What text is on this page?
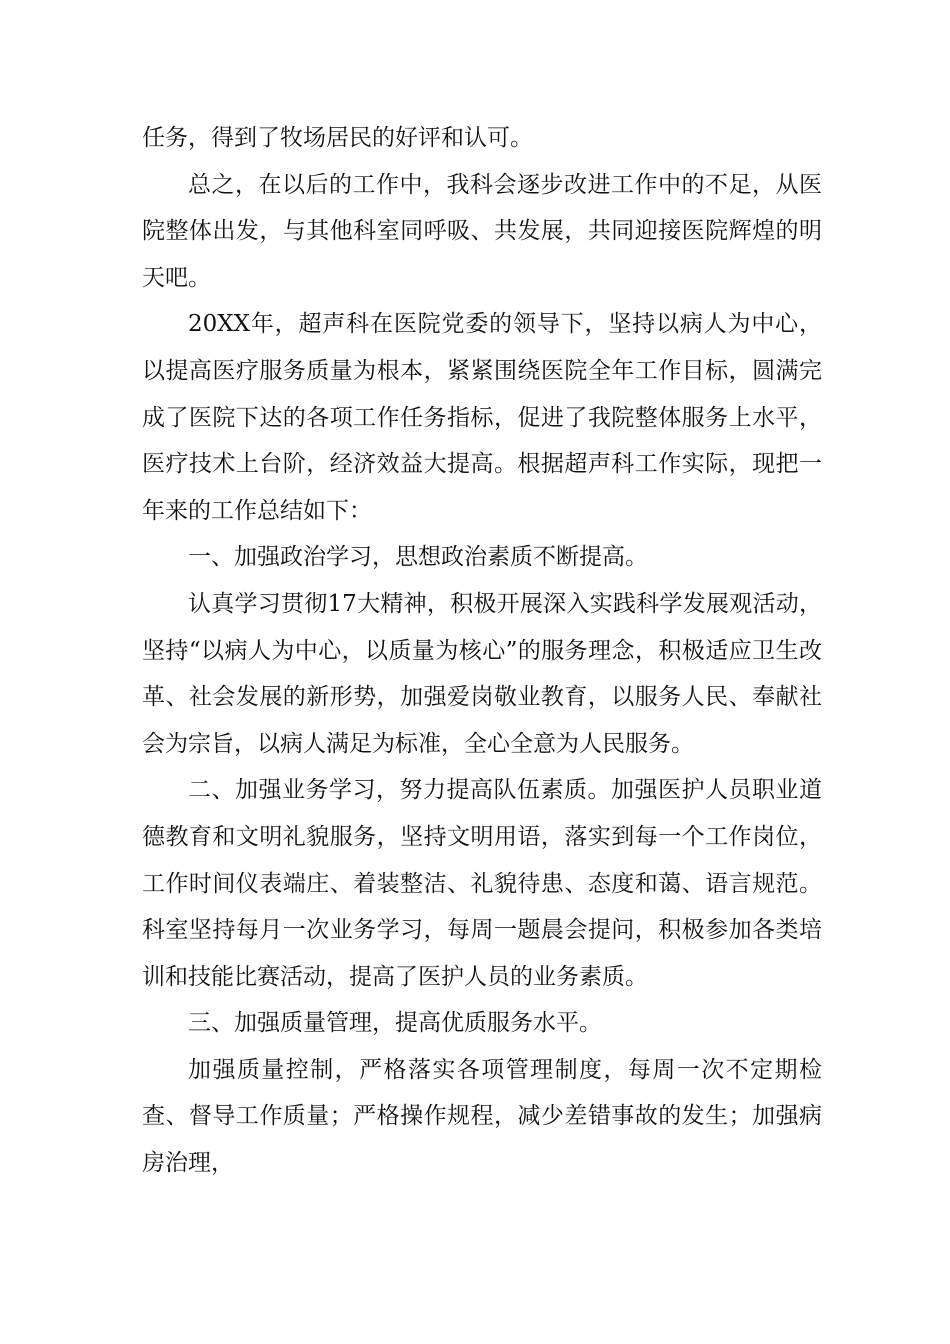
任务，得到了牧场居民的好评和认可。

总之，在以后的工作中，我科会逐步改进工作中的不足，从医院整体出发，与其他科室同呼吸、共发展，共同迎接医院辉煌的明天吧。

20XX年，超声科在医院党委的领导下，坚持以病人为中心，以提高医疗服务质量为根本，紧紧围绕医院全年工作目标，圆满完成了医院下达的各项工作任务指标，促进了我院整体服务上水平，医疗技术上台阶，经济效益大提高。根据超声科工作实际，现把一年来的工作总结如下：

一、加强政治学习，思想政治素质不断提高。

认真学习贯彻17大精神，积极开展深入实践科学发展观活动，坚持“以病人为中心，以质量为核心”的服务理念，积极适应卫生改革、社会发展的新形势，加强爱岗敬业教育，以服务人民、奉献社会为宗旨，以病人满足为标准，全心全意为人民服务。

二、加强业务学习，努力提高队伍素质。加强医护人员职业道德教育和文明礼貌服务，坚持文明用语，落实到每一个工作岗位，工作时间仪表端庄、着装整洁、礼貌待患、态度和蔼、语言规范。科室坚持每月一次业务学习，每周一题晨会提问，积极参加各类培训和技能比赛活动，提高了医护人员的业务素质。

三、加强质量管理，提高优质服务水平。

加强质量控制，严格落实各项管理制度，每周一次不定期检查、督导工作质量；严格操作规程，减少差错事故的发生；加强病房治理，
